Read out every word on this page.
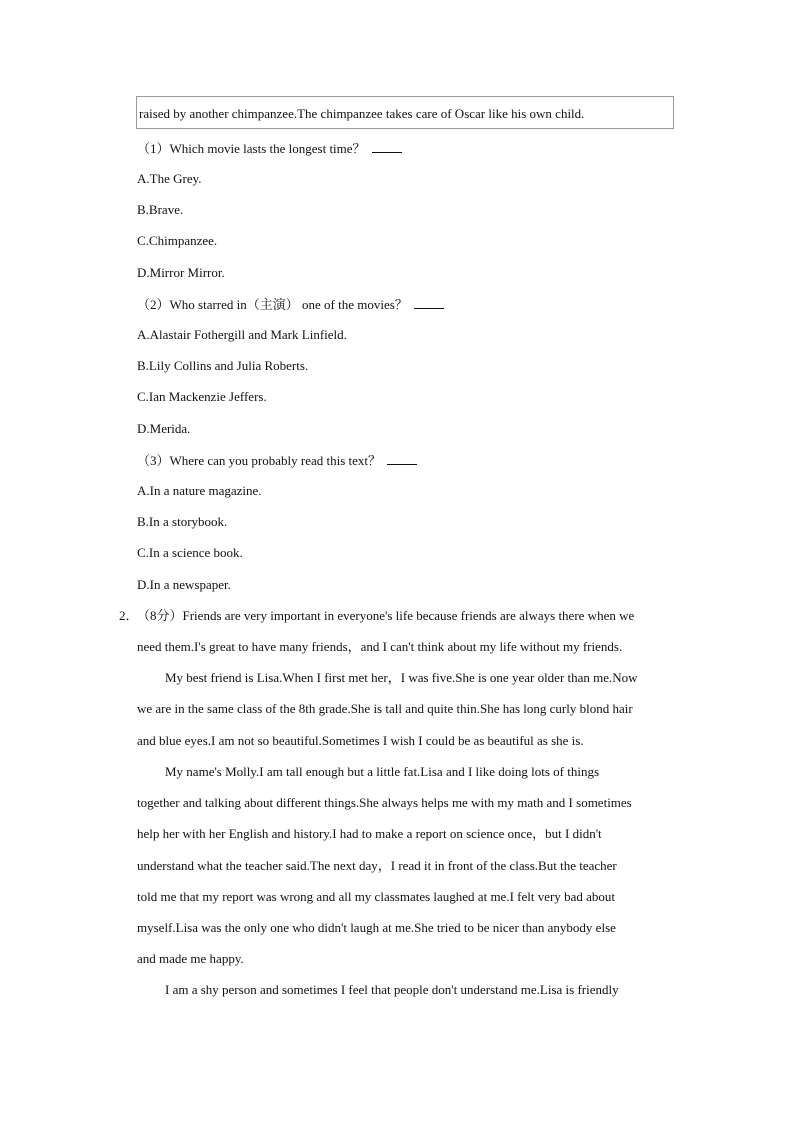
raised by another chimpanzee.The chimpanzee takes care of Oscar like his own child.
（1）Which movie lasts the longest time？
A.The Grey.
B.Brave.
C.Chimpanzee.
D.Mirror Mirror.
（2）Who starred in（主演） one of the movies？
A.Alastair Fothergill and Mark Linfield.
B.Lily Collins and Julia Roberts.
C.Ian Mackenzie Jeffers.
D.Merida.
（3）Where can you probably read this text？
A.In a nature magazine.
B.In a storybook.
C.In a science book.
D.In a newspaper.
2．
（8分）Friends are very important in everyone's life because friends are always there when we
need them.I's great to have many friends，and I can't think about my life without my friends.
My best friend is Lisa.When I first met her，I was five.She is one year older than me.Now
we are in the same class of the 8th grade.She is tall and quite thin.She has long curly blond hair
and blue eyes.I am not so beautiful.Sometimes I wish I could be as beautiful as she is.
My name's Molly.I am tall enough but a little fat.Lisa and I like doing lots of things
together and talking about different things.She always helps me with my math and I sometimes
help her with her English and history.I had to make a report on science once，but I didn't
understand what the teacher said.The next day，I read it in front of the class.But the teacher
told me that my report was wrong and all my classmates laughed at me.I felt very bad about
myself.Lisa was the only one who didn't laugh at me.She tried to be nicer than anybody else
and made me happy.
I am a shy person and sometimes I feel that people don't understand me.Lisa is friendly
